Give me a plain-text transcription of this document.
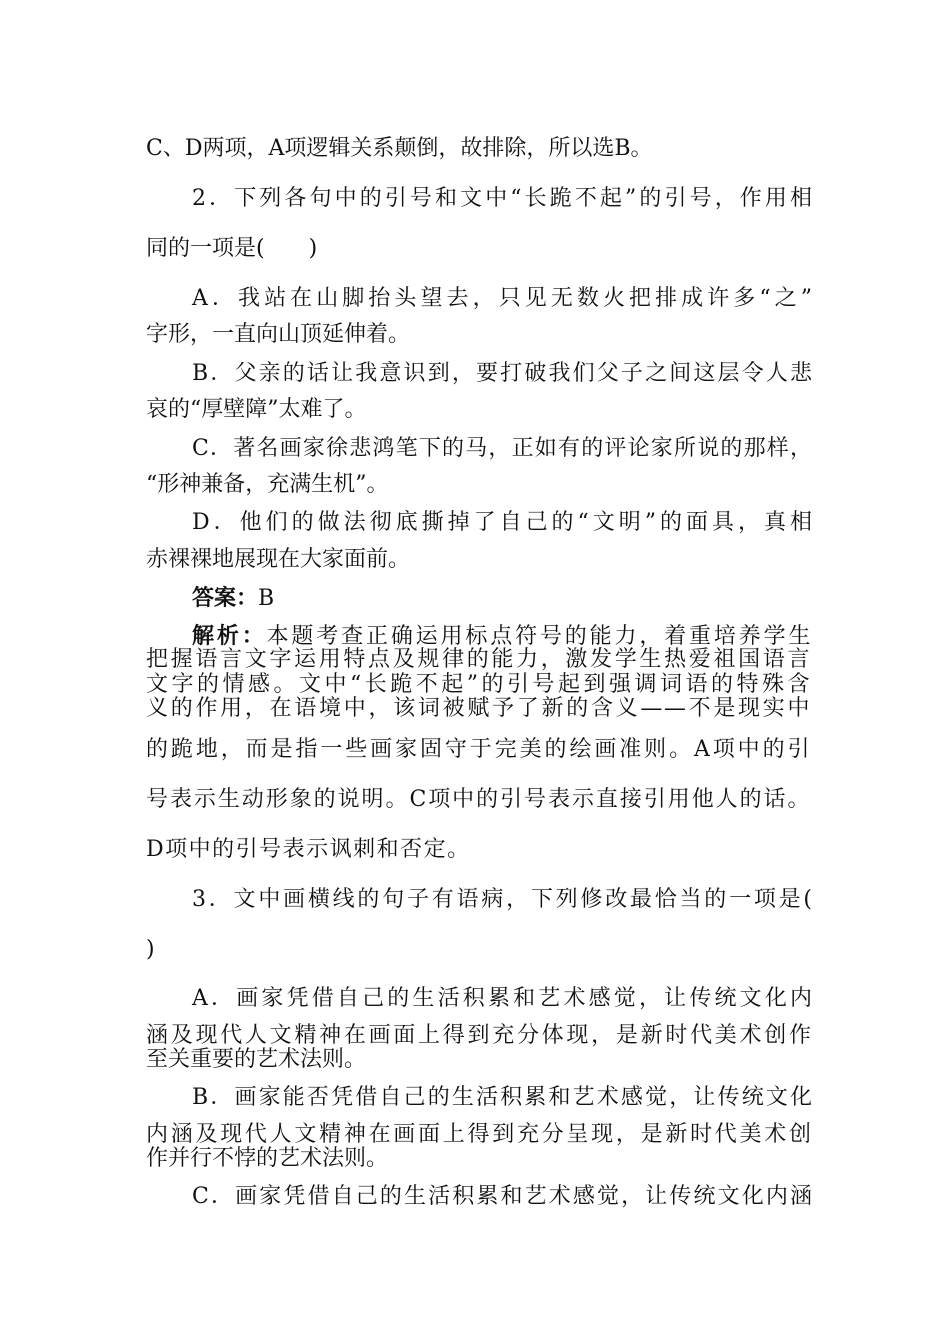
C、D两项，A项逻辑关系颠倒，故排除，所以选B。
2．下列各句中的引号和文中“长跪不起”的引号，作用相
同的一项是(　　)
A．我站在山脚抬头望去，只见无数火把排成许多“之”
字形，一直向山顶延伸着。
B．父亲的话让我意识到，要打破我们父子之间这层令人悲
哀的“厚壁障”太难了。
C．著名画家徐悲鸿笔下的马，正如有的评论家所说的那样，
“形神兼备，充满生机”。
D．他们的做法彻底撕掉了自己的“文明”的面具，真相
赤裸裸地展现在大家面前。
答案：B
解析：本题考查正确运用标点符号的能力，着重培养学生
把握语言文字运用特点及规律的能力，激发学生热爱祖国语言
文字的情感。文中“长跪不起”的引号起到强调词语的特殊含
义的作用，在语境中，该词被赋予了新的含义——不是现实中
的跪地，而是指一些画家固守于完美的绘画准则。A项中的引
号表示生动形象的说明。C项中的引号表示直接引用他人的话。
D项中的引号表示讽刺和否定。
3．文中画横线的句子有语病，下列修改最恰当的一项是(
)
A．画家凭借自己的生活积累和艺术感觉，让传统文化内
涵及现代人文精神在画面上得到充分体现，是新时代美术创作
至关重要的艺术法则。
B．画家能否凭借自己的生活积累和艺术感觉，让传统文化
内涵及现代人文精神在画面上得到充分呈现，是新时代美术创
作并行不悖的艺术法则。
C．画家凭借自己的生活积累和艺术感觉，让传统文化内涵
